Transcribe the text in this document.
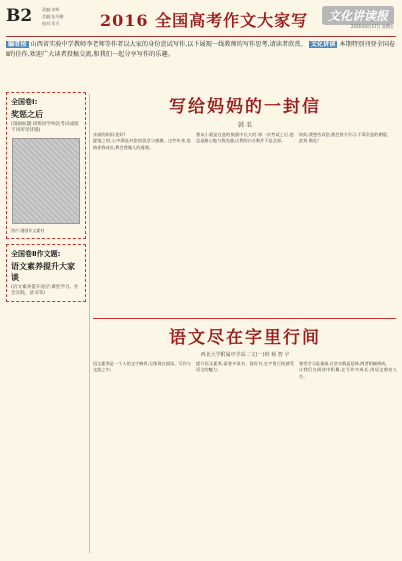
B2 责编:卓辉
美编:张丹娜
校对:邓可	2016 全国高考作文大家写	文化讲读报
2016年6月17日 星期五
编者按 山西省实验中学教师李老师等作者以大家的身份尝试写作,以下展现一线教师的写作思考,请读者欣赏。 文化讲读 本期特别刊登全国卷Ⅱ的佳作,欢迎广大读者投稿交流,和我们一起分享写作的乐趣。
全国卷Ⅰ:
奖惩之后
(漫画标题:同班同学两次考试成绩不同所受待遇)
图片:漫画作文素材
全国卷Ⅱ作文题:
语文素养提升大家谈
(语文素养提升途径:课堂学习、社会实践、读书等)
写给妈妈的一封信
韩 名

亲爱的妈妈:您好!

提笔之时,心中满是对您的思念与感激。这些年来,您陪伴我成长,教会我做人的道理。

我从小就是在您的鼓励中长大的,每一次考试之后,您总是耐心地与我沟通,让我明白分数并不是全部。

妈妈,我想告诉您,我会努力学习,不辜负您的期望。

此致 敬礼!

语文尽在字里行间
西北大学附属中学高二文(一)班 杨 智 宇

语文素养是一个人的文字修养,它体现在阅读、写作与交流之中。

提升语文素养,需要多读书、读好书,在字里行间感受语言的魅力。

课堂学习是基础,社会实践是延伸,两者相辅相成。

让我们在阅读中积累,在写作中成长,用语文照亮人生。
